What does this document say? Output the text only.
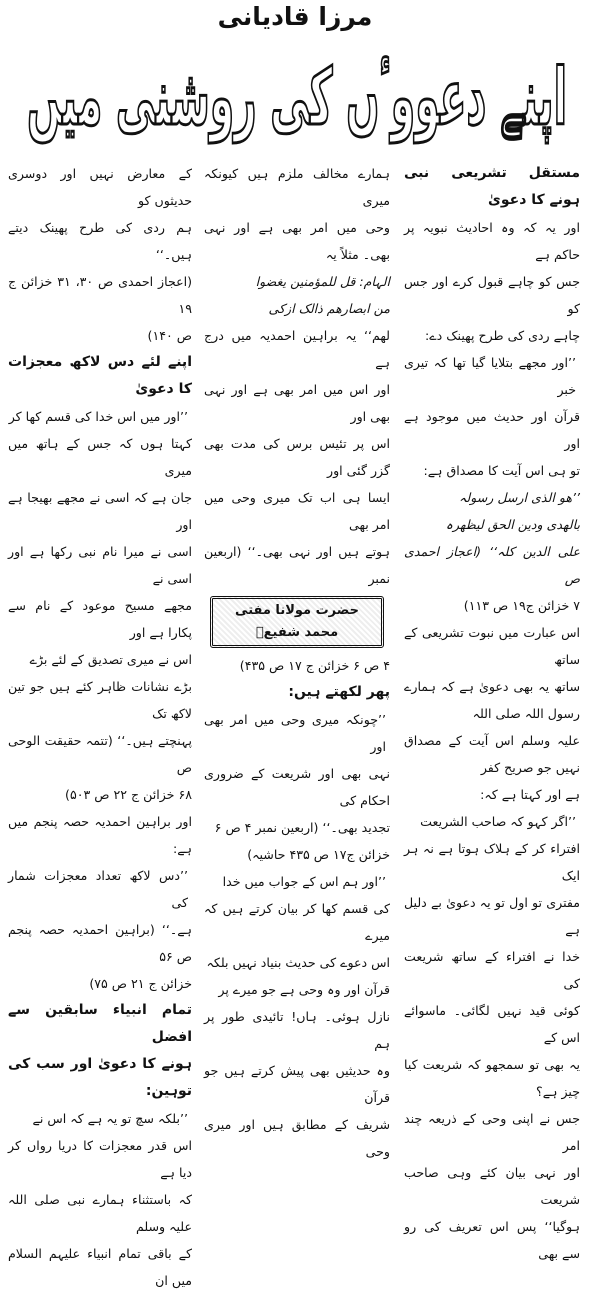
مرزا قادیانی
اپنے دعووٴں کی روشنی میں

مستقل تشریعی نبی ہونے کا دعویٰ

اور یہ کہ وہ احادیث نبویہ پر حاکم ہے

جس کو چاہے قبول کرے اور جس کو

چاہے ردی کی طرح پھینک دے:

’’اور مجھے بتلایا گیا تھا کہ تیری خبر

قرآن اور حدیث میں موجود ہے اور

تو ہی اس آیت کا مصداق ہے:

’’ھو الذی ارسل رسولہ

بالھدی ودین الحق لیظھرہ

علی الدین کلہ‘‘ (اعجاز احمدی ص

۷ خزائن ج۱۹ ص ۱۱۳)

اس عبارت میں نبوت تشریعی کے ساتھ

ساتھ یہ بھی دعویٰ ہے کہ ہمارے رسول اللہ صلی اللہ

علیہ وسلم اس آیت کے مصداق نہیں جو صریح کفر

ہے اور کہتا ہے کہ:

’’اگر کہو کہ صاحب الشریعت

افتراء کر کے ہلاک ہوتا ہے نہ ہر ایک

مفتری تو اول تو یہ دعویٰ بے دلیل ہے

خدا نے افتراء کے ساتھ شریعت کی

کوئی قید نہیں لگائی۔ ماسوائے اس کے

یہ بھی تو سمجھو کہ شریعت کیا چیز ہے؟

جس نے اپنی وحی کے ذریعہ چند امر

اور نہی بیان کئے وہی صاحب شریعت

ہوگیا‘‘ پس اس تعریف کی رو سے بھی

ہمارے مخالف ملزم ہیں کیونکہ میری

وحی میں امر بھی ہے اور نہی بھی۔ مثلاً یہ

الہام: قل للمؤمنین یغضوا

من ابصارھم ذالک ازکی

لھم‘‘ یہ براہین احمدیہ میں درج ہے

اور اس میں امر بھی ہے اور نہی بھی اور

اس پر تئیس برس کی مدت بھی گزر گئی اور

ایسا ہی اب تک میری وحی میں امر بھی

ہوتے ہیں اور نہی بھی۔‘‘ (اربعین نمبر

حضرت مولانا مفتی محمد شفیعؒ

۴ ص ۶ خزائن ج ۱۷ ص ۴۳۵)

پھر لکھتے ہیں:

’’چونکہ میری وحی میں امر بھی اور

نہی بھی اور شریعت کے ضروری احکام کی

تجدید بھی۔‘‘ (اربعین نمبر ۴ ص ۶

خزائن ج۱۷ ص ۴۳۵ حاشیہ)

’’اور ہم اس کے جواب میں خدا

کی قسم کھا کر بیان کرتے ہیں کہ میرے

اس دعوے کی حدیث بنیاد نہیں بلکہ

قرآن اور وہ وحی ہے جو میرے پر

نازل ہوئی۔ ہاں! تائیدی طور پر ہم

وہ حدیثیں بھی پیش کرتے ہیں جو قرآن

شریف کے مطابق ہیں اور میری وحی

کے معارض نہیں اور دوسری حدیثوں کو

ہم ردی کی طرح پھینک دیتے ہیں۔‘‘

(اعجاز احمدی ص ۳۰، ۳۱ خزائن ج ۱۹

ص ۱۴۰)

اپنے لئے دس لاکھ معجزات کا دعویٰ

’’اور میں اس خدا کی قسم کھا کر

کہتا ہوں کہ جس کے ہاتھ میں میری

جان ہے کہ اسی نے مجھے بھیجا ہے اور

اسی نے میرا نام نبی رکھا ہے اور اسی نے

مجھے مسیح موعود کے نام سے پکارا ہے اور

اس نے میری تصدیق کے لئے بڑے

بڑے نشانات ظاہر کئے ہیں جو تین لاکھ تک

پہنچتے ہیں۔‘‘ (تتمہ حقیقت الوحی ص

۶۸ خزائن ج ۲۲ ص ۵۰۳)

اور براہین احمدیہ حصہ پنجم میں ہے:

’’دس لاکھ تعداد معجزات شمار کی

ہے۔‘‘ (براہین احمدیہ حصہ پنجم ص ۵۶

خزائن ج ۲۱ ص ۷۵)

تمام انبیاء سابقین سے افضل

ہونے کا دعویٰ اور سب کی توہین:

’’بلکہ سچ تو یہ ہے کہ اس نے

اس قدر معجزات کا دریا رواں کر دیا ہے

کہ باستثناء ہمارے نبی صلی اللہ علیہ وسلم

کے باقی تمام انبیاء علیہم السلام میں ان
